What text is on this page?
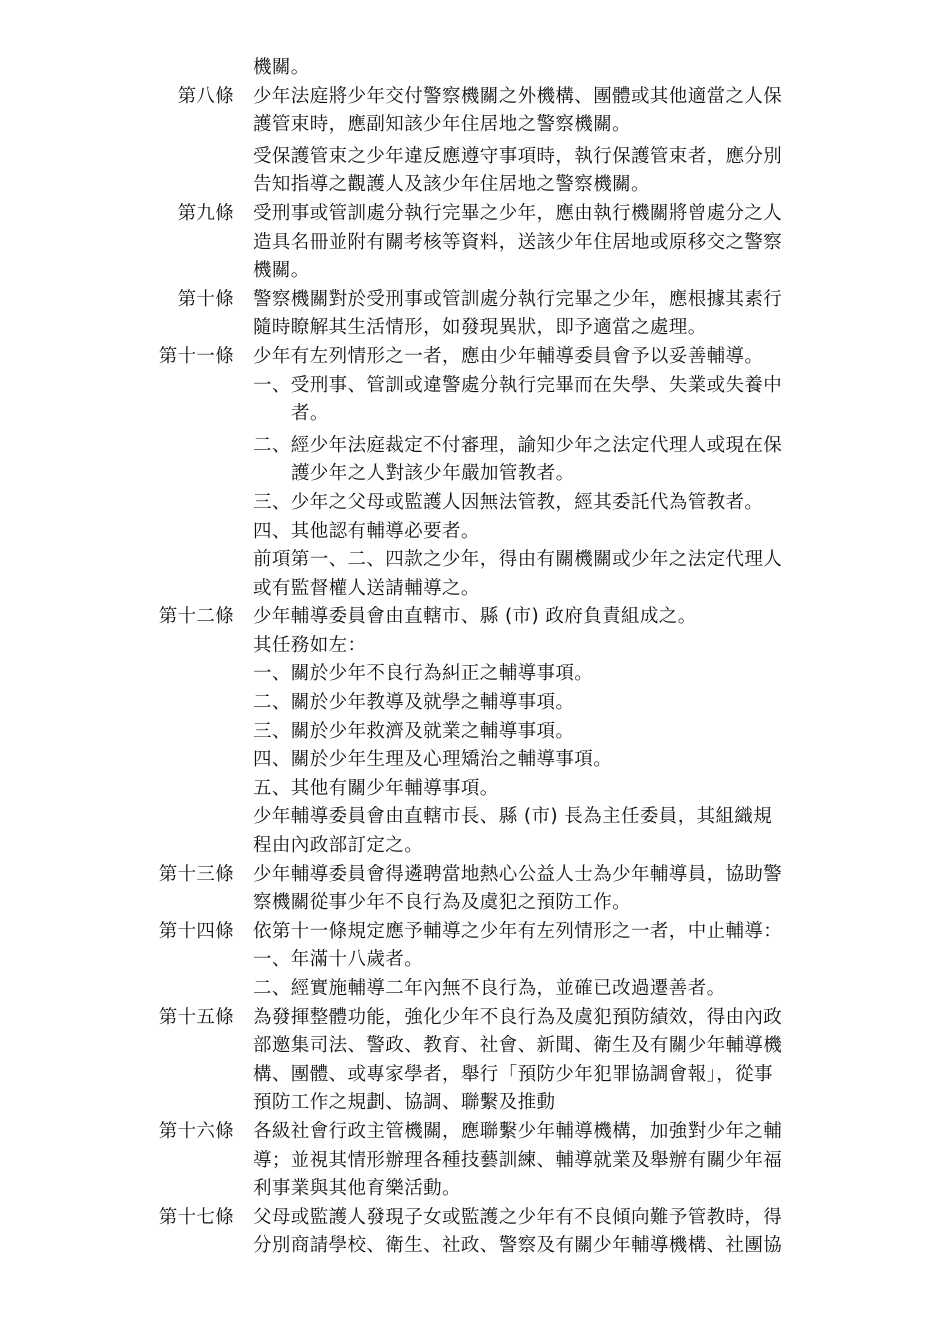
機關。
第八條 少年法庭將少年交付警察機關之外機構、團體或其他適當之人保
護管束時，應副知該少年住居地之警察機關。
受保護管束之少年違反應遵守事項時，執行保護管束者，應分別
告知指導之觀護人及該少年住居地之警察機關。
第九條 受刑事或管訓處分執行完畢之少年，應由執行機關將曾處分之人
造具名冊並附有關考核等資料，送該少年住居地或原移交之警察
機關。
第十條 警察機關對於受刑事或管訓處分執行完畢之少年，應根據其素行
隨時瞭解其生活情形，如發現異狀，即予適當之處理。
第十一條 少年有左列情形之一者，應由少年輔導委員會予以妥善輔導。
一、受刑事、管訓或違警處分執行完畢而在失學、失業或失養中
者。
二、經少年法庭裁定不付審理，諭知少年之法定代理人或現在保
護少年之人對該少年嚴加管教者。
三、少年之父母或監護人因無法管教，經其委託代為管教者。
四、其他認有輔導必要者。
前項第一、二、四款之少年，得由有關機關或少年之法定代理人
或有監督權人送請輔導之。
第十二條 少年輔導委員會由直轄市、縣 (市) 政府負責組成之。
其任務如左：
一、關於少年不良行為糾正之輔導事項。
二、關於少年教導及就學之輔導事項。
三、關於少年救濟及就業之輔導事項。
四、關於少年生理及心理矯治之輔導事項。
五、其他有關少年輔導事項。
少年輔導委員會由直轄市長、縣 (市) 長為主任委員，其組織規
程由內政部訂定之。
第十三條 少年輔導委員會得遴聘當地熱心公益人士為少年輔導員，協助警
察機關從事少年不良行為及虞犯之預防工作。
第十四條 依第十一條規定應予輔導之少年有左列情形之一者，中止輔導：
一、年滿十八歲者。
二、經實施輔導二年內無不良行為，並確已改過遷善者。
第十五條 為發揮整體功能，強化少年不良行為及虞犯預防績效，得由內政
部邀集司法、警政、教育、社會、新聞、衛生及有關少年輔導機
構、團體、或專家學者，舉行「預防少年犯罪協調會報」，從事
預防工作之規劃、協調、聯繫及推動
第十六條 各級社會行政主管機關，應聯繫少年輔導機構，加強對少年之輔
導；並視其情形辦理各種技藝訓練、輔導就業及舉辦有關少年福
利事業與其他育樂活動。
第十七條 父母或監護人發現子女或監護之少年有不良傾向難予管教時，得
分別商請學校、衛生、社政、警察及有關少年輔導機構、社團協
